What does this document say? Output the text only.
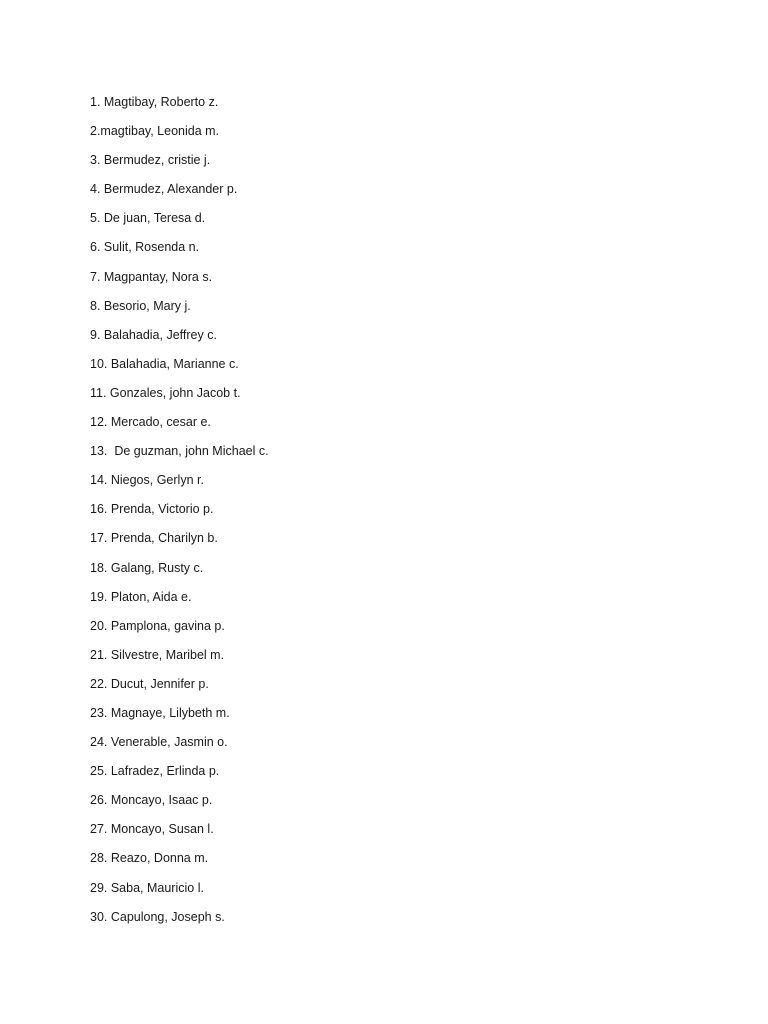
1. Magtibay, Roberto z.
2.magtibay, Leonida m.
3. Bermudez, cristie j.
4. Bermudez, Alexander p.
5. De juan, Teresa d.
6. Sulit, Rosenda n.
7. Magpantay, Nora s.
8. Besorio, Mary j.
9. Balahadia, Jeffrey c.
10. Balahadia, Marianne c.
11. Gonzales, john Jacob t.
12. Mercado, cesar e.
13.  De guzman, john Michael c.
14. Niegos, Gerlyn r.
16. Prenda, Victorio p.
17. Prenda, Charilyn b.
18. Galang, Rusty c.
19. Platon, Aida e.
20. Pamplona, gavina p.
21. Silvestre, Maribel m.
22. Ducut, Jennifer p.
23. Magnaye, Lilybeth m.
24. Venerable, Jasmin o.
25. Lafradez, Erlinda p.
26. Moncayo, Isaac p.
27. Moncayo, Susan l.
28. Reazo, Donna m.
29. Saba, Mauricio l.
30. Capulong, Joseph s.
